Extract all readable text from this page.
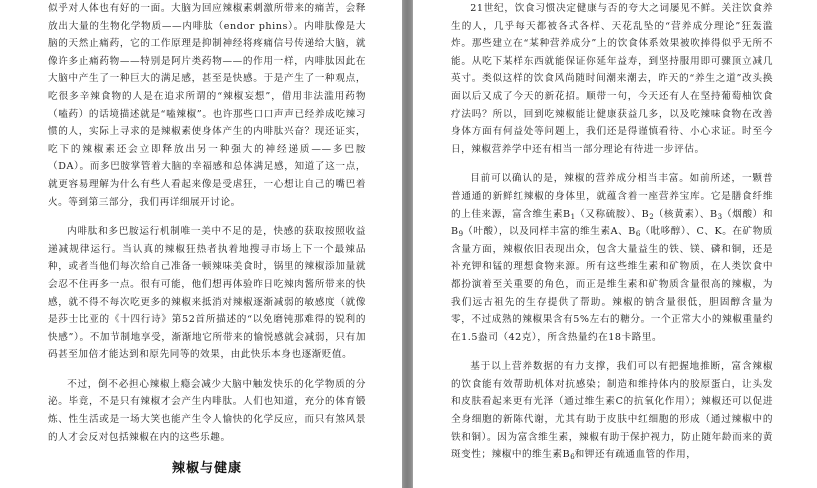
似乎对人体也有好的一面。大脑为回应辣椒素刺激所带来的痛苦，会释放出大量的生物化学物质——内啡肽（endor phins）。内啡肽像是大脑的天然止痛药，它的工作原理是抑制神经将疼痛信号传递给大脑，就像许多止痛药物——特别是阿片类药物——的作用一样，内啡肽因此在大脑中产生了一种巨大的满足感，甚至是快感。于是产生了一种观点，吃很多辛辣食物的人是在追求所谓的“辣椒妄想”，借用非法滥用药物（嗑药）的话境描述就是“嗑辣椒”。也许那些口口声声已经养成吃辣习惯的人，实际上寻求的是辣椒素使身体产生的内啡肽兴奋？现还证实，吃下的辣椒素还会立即释放出另一种强大的神经递质——多巴胺（DA）。而多巴胺掌管着大脑的幸福感和总体满足感，知道了这一点，就更容易理解为什么有些人看起来像是受虐狂，一心想让自己的嘴巴着火。等到第三部分，我们再详细展开讨论。

内啡肽和多巴胺运行机制唯一美中不足的是，快感的获取按照收益递减规律运行。当认真的辣椒狂热者执着地搜寻市场上下一个最辣品种，或者当他们每次给自己准备一顿辣味美食时，锅里的辣椒添加量就会忍不住再多一点。很有可能，他们想再体验昨日吃辣肉酱所带来的快感，就不得不每次吃更多的辣椒来抵消对辣椒逐渐减弱的敏感度（就像是莎士比亚的《十四行诗》第52首所描述的“以免磨钝那难得的锐利的快感”）。不加节制地享受，渐渐地它所带来的愉悦感就会减弱，只有加码甚至加倍才能达到和原先同等的效果，由此快乐本身也逐渐贬值。

不过，倒不必担心辣椒上瘾会减少大脑中触发快乐的化学物质的分泌。毕竟，不是只有辣椒才会产生内啡肽。人们也知道，充分的体育锻炼、性生活或是一场大笑也能产生令人愉快的化学反应，而只有煞风景的人才会反对包括辣椒在内的这些乐趣。

辣椒与健康

21世纪，饮食习惯决定健康与否的夸大之词屡见不鲜。关注饮食养生的人，几乎每天都被各式各样、天花乱坠的“营养成分理论”狂轰滥炸。那些建立在“某种营养成分”上的饮食体系效果被吹捧得似乎无所不能。从吃下某样东西就能保证你延年益寿，到坚持服用即可骤顶立减几英寸。类似这样的饮食风尚随时间潮来潮去，昨天的“养生之道”改头换面以后又成了今天的新花招。顺带一句，今天还有人在坚持葡萄柚饮食疗法吗？所以，回到吃辣椒能让健康获益几多，以及吃辣味食物在改善身体方面有何益处等问题上，我们还是得谨慎看待、小心求证。时至今日，辣椒营养学中还有相当一部分理论有待进一步评估。

目前可以确认的是，辣椒的营养成分相当丰富。如前所述，一颗普普通通的新鲜红辣椒的身体里，就蕴含着一座营养宝库。它是膳食纤维的上佳来源，富含维生素$B_1$（又称硫胺）、$B_2$（核黄素）、$B_3$（烟酸）和$B_9$（叶酸），以及同样丰富的维生素A、$B_6$（吡哆醇）、C、K。在矿物质含量方面，辣椒依旧表现出众，包含大量益生的铁、镁、磷和铜，还是补充钾和锰的理想食物来源。所有这些维生素和矿物质，在人类饮食中都扮演着至关重要的角色，而正是维生素和矿物质含量很高的辣椒，为我们远古祖先的生存提供了帮助。辣椒的钠含量很低，胆固醇含量为零，不过成熟的辣椒果含有5%左右的糖分。一个正常大小的辣椒重量约在1.5盎司（42克），所含热量约在18卡路里。

基于以上营养数据的有力支撑，我们可以有把握地推断，富含辣椒的饮食能有效帮助机体对抗感染；制造和维持体内的胶原蛋白，让头发和皮肤看起来更有光泽（通过维生素C的抗氧化作用）；辣椒还可以促进全身细胞的新陈代谢，尤其有助于皮肤中红细胞的形成（通过辣椒中的铁和铜）。因为富含维生素，辣椒有助于保护视力，防止随年龄而来的黄斑变性；辣椒中的维生素$B_6$和钾还有疏通血管的作用，
